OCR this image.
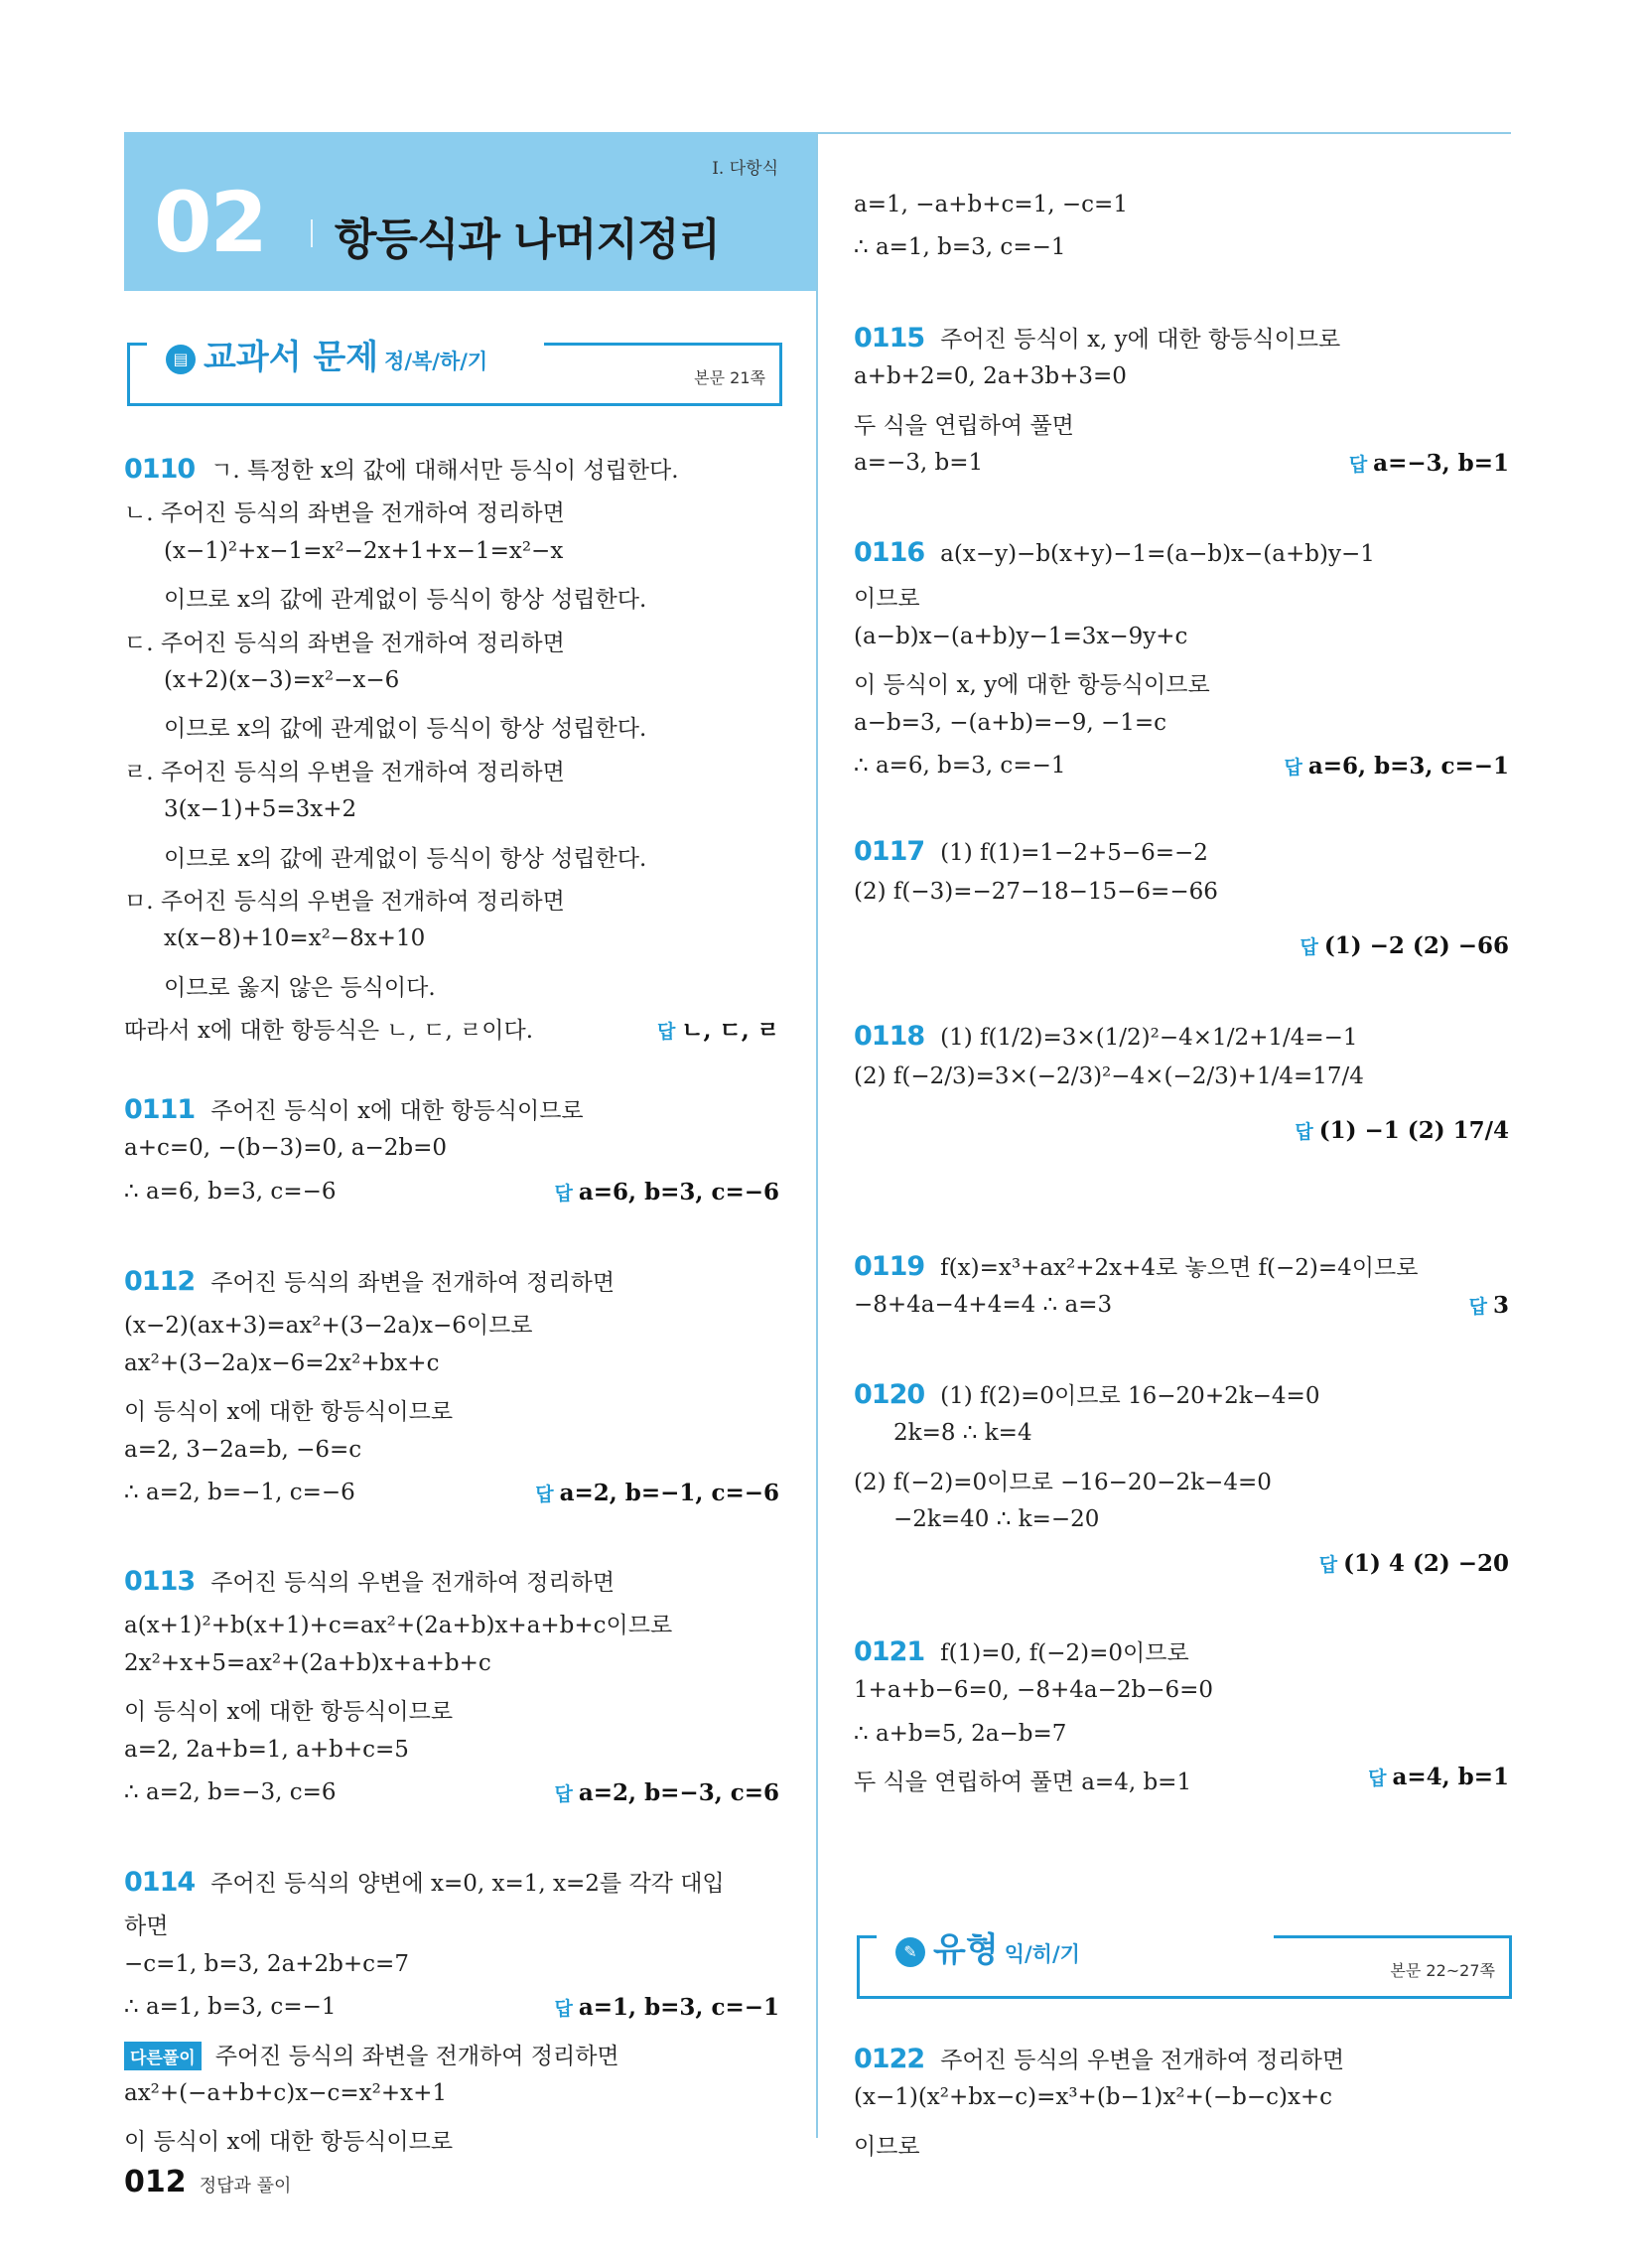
Ⅰ. 다항식
02 항등식과 나머지정리
▤ 교과서 문제 정/복/하/기
본문 21쪽
✎ 유형 익/히/기
본문 22~27쪽
0110 ㄱ. 특정한 x의 값에 대해서만 등식이 성립한다.
ㄴ. 주어진 등식의 좌변을 전개하여 정리하면
(x−1)²+x−1=x²−2x+1+x−1=x²−x
이므로 x의 값에 관계없이 등식이 항상 성립한다.
ㄷ. 주어진 등식의 좌변을 전개하여 정리하면
(x+2)(x−3)=x²−x−6
이므로 x의 값에 관계없이 등식이 항상 성립한다.
ㄹ. 주어진 등식의 우변을 전개하여 정리하면
3(x−1)+5=3x+2
이므로 x의 값에 관계없이 등식이 항상 성립한다.
ㅁ. 주어진 등식의 우변을 전개하여 정리하면
x(x−8)+10=x²−8x+10
이므로 옳지 않은 등식이다.
따라서 x에 대한 항등식은 ㄴ, ㄷ, ㄹ이다.	답 ㄴ, ㄷ, ㄹ
0111 주어진 등식이 x에 대한 항등식이므로
a+c=0, −(b−3)=0, a−2b=0
∴ a=6, b=3, c=−6	답 a=6, b=3, c=−6
0112 주어진 등식의 좌변을 전개하여 정리하면
(x−2)(ax+3)=ax²+(3−2a)x−6이므로
ax²+(3−2a)x−6=2x²+bx+c
이 등식이 x에 대한 항등식이므로
a=2, 3−2a=b, −6=c
∴ a=2, b=−1, c=−6	답 a=2, b=−1, c=−6
0113 주어진 등식의 우변을 전개하여 정리하면
a(x+1)²+b(x+1)+c=ax²+(2a+b)x+a+b+c이므로
2x²+x+5=ax²+(2a+b)x+a+b+c
이 등식이 x에 대한 항등식이므로
a=2, 2a+b=1, a+b+c=5
∴ a=2, b=−3, c=6	답 a=2, b=−3, c=6
0114 주어진 등식의 양변에 x=0, x=1, x=2를 각각 대입
하면
−c=1, b=3, 2a+2b+c=7
∴ a=1, b=3, c=−1
다른풀이 주어진 등식의 좌변을 전개하여 정리하면
ax²+(−a+b+c)x−c=x²+x+1
이 등식이 x에 대한 항등식이므로
답 a=1, b=3, c=−1
a=1, −a+b+c=1, −c=1
∴ a=1, b=3, c=−1
0115 주어진 등식이 x, y에 대한 항등식이므로
a+b+2=0, 2a+3b+3=0
두 식을 연립하여 풀면
a=−3, b=1	답 a=−3, b=1
0116 a(x−y)−b(x+y)−1=(a−b)x−(a+b)y−1
이므로
(a−b)x−(a+b)y−1=3x−9y+c
이 등식이 x, y에 대한 항등식이므로
a−b=3, −(a+b)=−9, −1=c
∴ a=6, b=3, c=−1	답 a=6, b=3, c=−1
0117 (1) f(1)=1−2+5−6=−2
(2) f(−3)=−27−18−15−6=−66
답 (1) −2 (2) −66
0118 (1) f(1/2)=3×(1/2)²−4×1/2+1/4=−1
(2) f(−2/3)=3×(−2/3)²−4×(−2/3)+1/4=17/4
답 (1) −1 (2) 17/4
0119 f(x)=x³+ax²+2x+4로 놓으면 f(−2)=4이므로
−8+4a−4+4=4 ∴ a=3	답 3
0120 (1) f(2)=0이므로 16−20+2k−4=0
2k=8 ∴ k=4
(2) f(−2)=0이므로 −16−20−2k−4=0
−2k=40 ∴ k=−20
답 (1) 4 (2) −20
0121 f(1)=0, f(−2)=0이므로
1+a+b−6=0, −8+4a−2b−6=0
∴ a+b=5, 2a−b=7
두 식을 연립하여 풀면 a=4, b=1	답 a=4, b=1
0122 주어진 등식의 우변을 전개하여 정리하면
(x−1)(x²+bx−c)=x³+(b−1)x²+(−b−c)x+c
이므로
012 정답과 풀이
